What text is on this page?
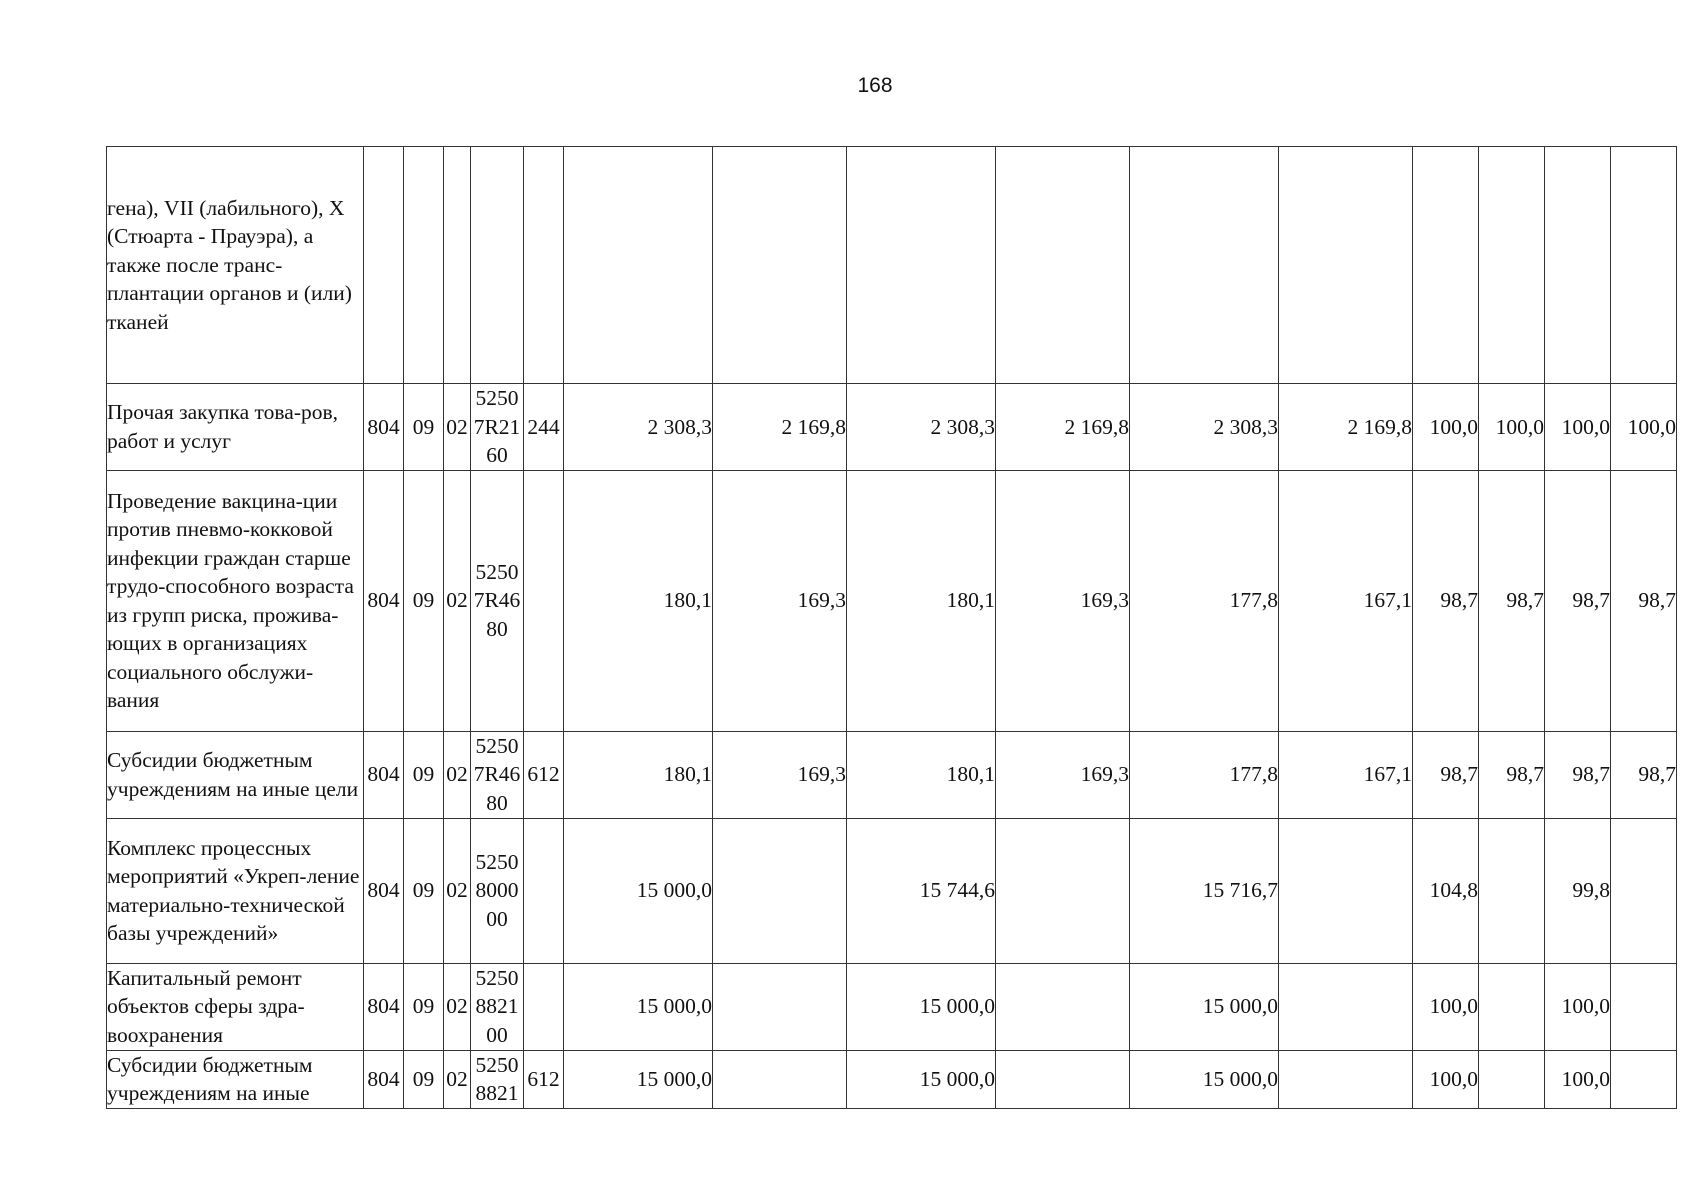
168
гена), VII (лабильного), X (Стюарта - Прауэра), а также после транс-плантации органов и (или) тканей															
Прочая закупка това-ров, работ и услуг	804	09	02	52507R2160	244	2 308,3	2 169,8	2 308,3	2 169,8	2 308,3	2 169,8	100,0	100,0	100,0	100,0
Проведение вакцина-ции против пневмо-кокковой инфекции граждан старше трудо-способного возраста из групп риска, прожива-ющих в организациях социального обслужи-вания	804	09	02	52507R4680		180,1	169,3	180,1	169,3	177,8	167,1	98,7	98,7	98,7	98,7
Субсидии бюджетным учреждениям на иные цели	804	09	02	52507R4680	612	180,1	169,3	180,1	169,3	177,8	167,1	98,7	98,7	98,7	98,7
Комплекс процессных мероприятий «Укреп-ление материально-технической базы учреждений»	804	09	02	5250800000		15 000,0		15 744,6		15 716,7		104,8		99,8	
Капитальный ремонт объектов сферы здра-воохранения	804	09	02	5250882100		15 000,0		15 000,0		15 000,0		100,0		100,0	
Субсидии бюджетным учреждениям на иные	804	09	02	52508821	612	15 000,0		15 000,0		15 000,0		100,0		100,0	
